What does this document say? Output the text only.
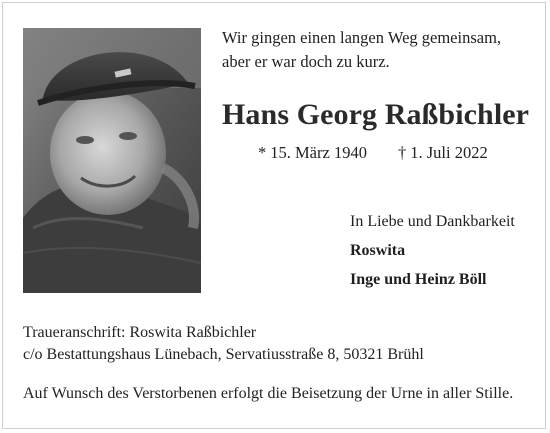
Wir gingen einen langen Weg gemeinsam,
aber er war doch zu kurz.
Hans Georg Raßbichler
* 15. März 1940 † 1. Juli 2022
In Liebe und Dankbarkeit
Roswita
Inge und Heinz Böll
Traueranschrift: Roswita Raßbichler
c/o Bestattungshaus Lünebach, Servatiusstraße 8, 50321 Brühl
Auf Wunsch des Verstorbenen erfolgt die Beisetzung der Urne in aller Stille.
